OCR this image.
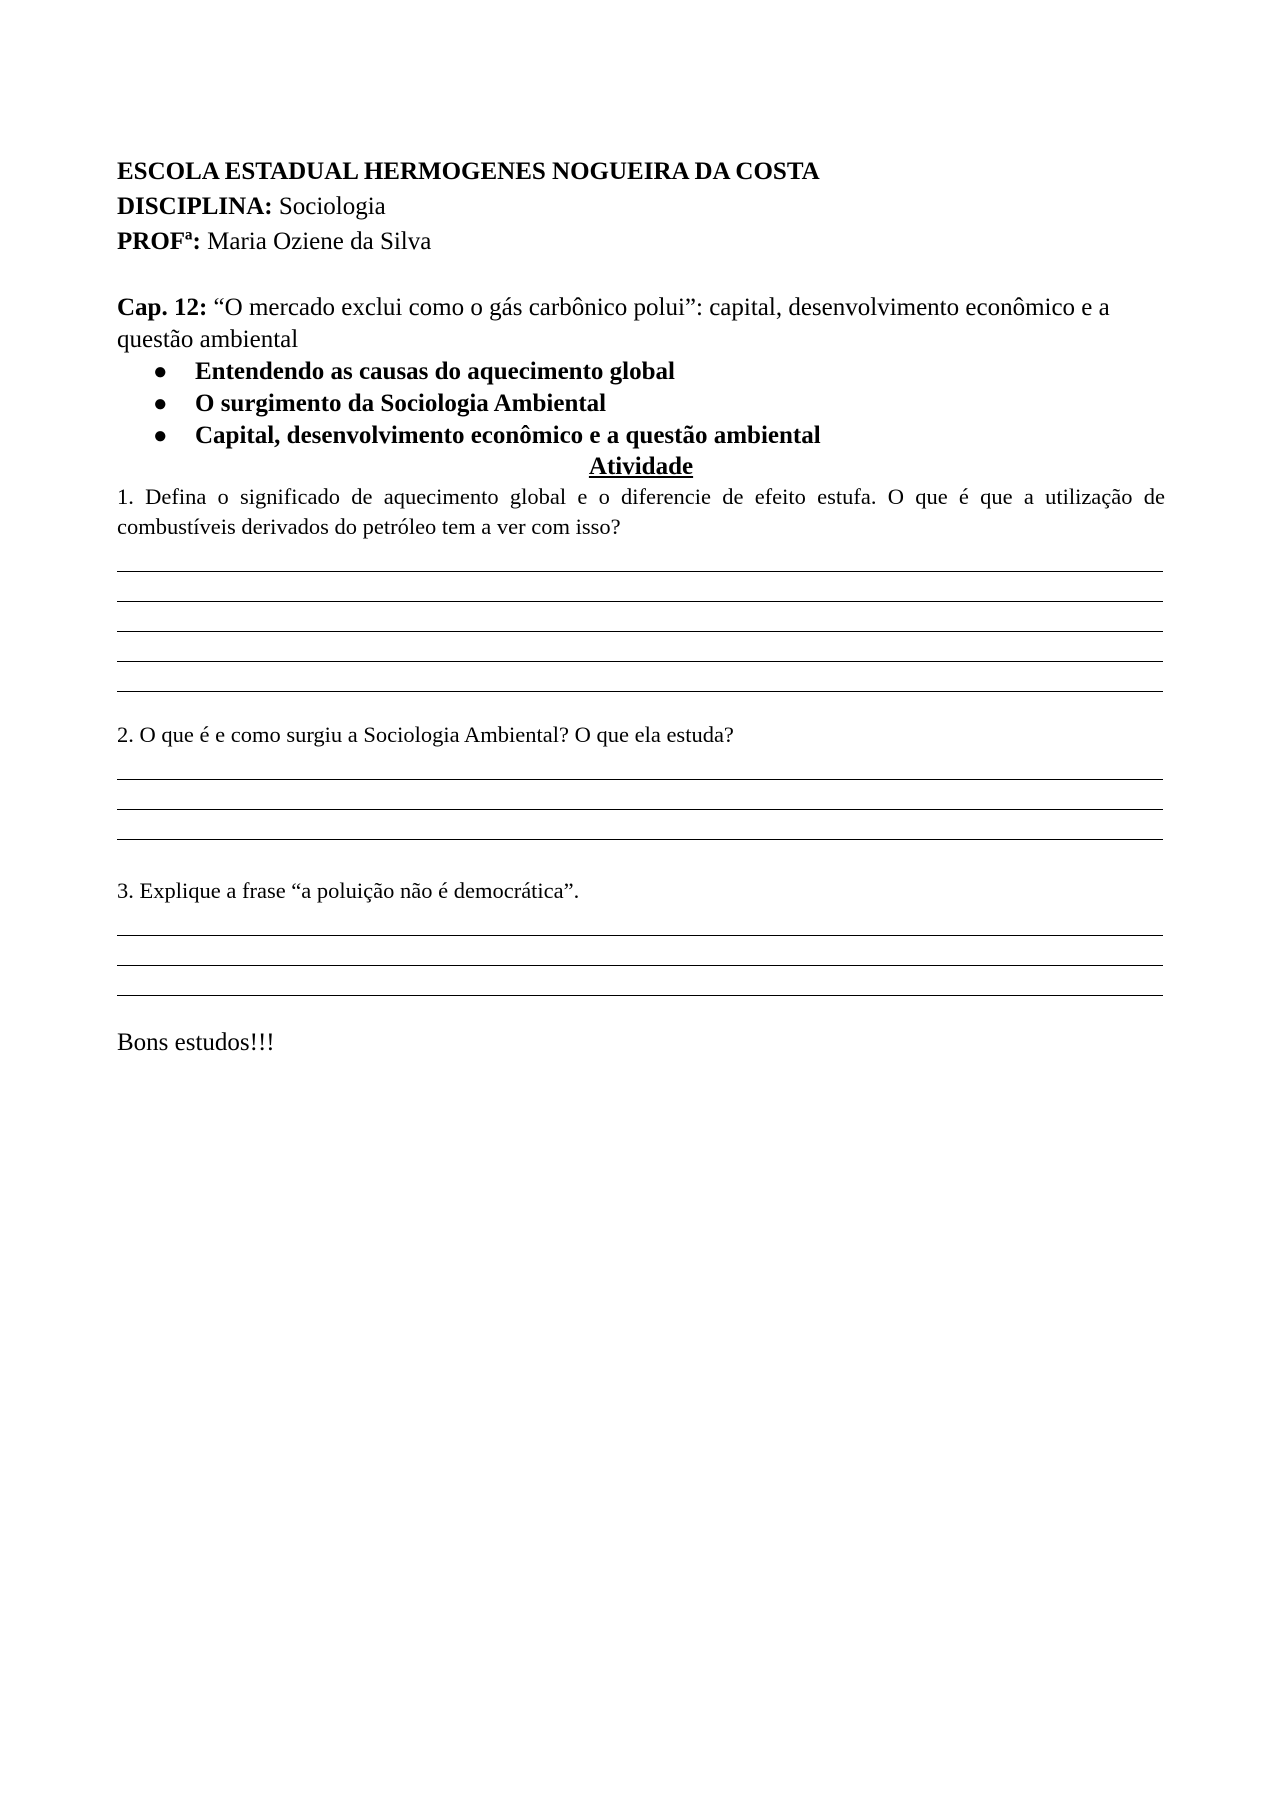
ESCOLA ESTADUAL HERMOGENES NOGUEIRA DA COSTA
DISCIPLINA: Sociologia
PROFª: Maria Oziene da Silva
Cap. 12: “O mercado exclui como o gás carbônico polui”: capital, desenvolvimento econômico e a questão ambiental
● Entendendo as causas do aquecimento global
● O surgimento da Sociologia Ambiental
● Capital, desenvolvimento econômico e a questão ambiental
Atividade
1. Defina o significado de aquecimento global e o diferencie de efeito estufa. O que é que a utilização de combustíveis derivados do petróleo tem a ver com isso?
2. O que é e como surgiu a Sociologia Ambiental? O que ela estuda?
3. Explique a frase “a poluição não é democrática”.
Bons estudos!!!
